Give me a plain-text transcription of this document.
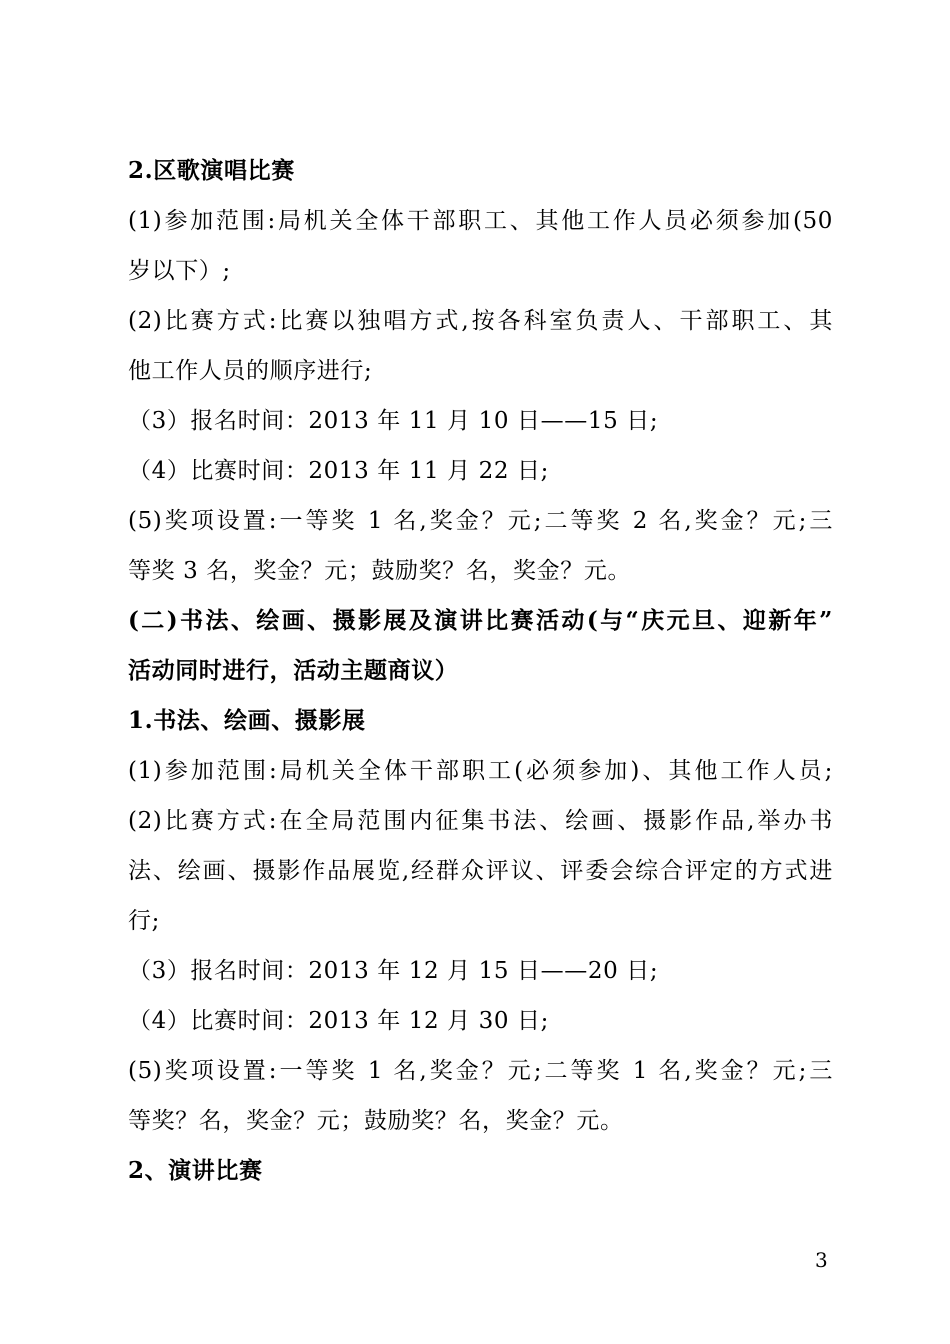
2.区歌演唱比赛
(1)参加范围:局机关全体干部职工、其他工作人员必须参加(50
岁以下）;
(2)比赛方式:比赛以独唱方式,按各科室负责人、干部职工、其
他工作人员的顺序进行;
（3）报名时间：2013 年 11 月 10 日——15 日;
（4）比赛时间：2013 年 11 月 22 日;
(5)奖项设置:一等奖 1 名,奖金？元;二等奖 2 名,奖金？元;三
等奖 3 名，奖金？元；鼓励奖？名，奖金？元。
(二)书法、绘画、摄影展及演讲比赛活动(与“庆元旦、迎新年”
活动同时进行，活动主题商议）
1.书法、绘画、摄影展
(1)参加范围:局机关全体干部职工(必须参加)、其他工作人员;
(2)比赛方式:在全局范围内征集书法、绘画、摄影作品,举办书
法、绘画、摄影作品展览,经群众评议、评委会综合评定的方式进
行;
（3）报名时间：2013 年 12 月 15 日——20 日;
（4）比赛时间：2013 年 12 月 30 日;
(5)奖项设置:一等奖 1 名,奖金？元;二等奖 1 名,奖金？元;三
等奖？名，奖金？元；鼓励奖？名，奖金？元。
2、演讲比赛
3
